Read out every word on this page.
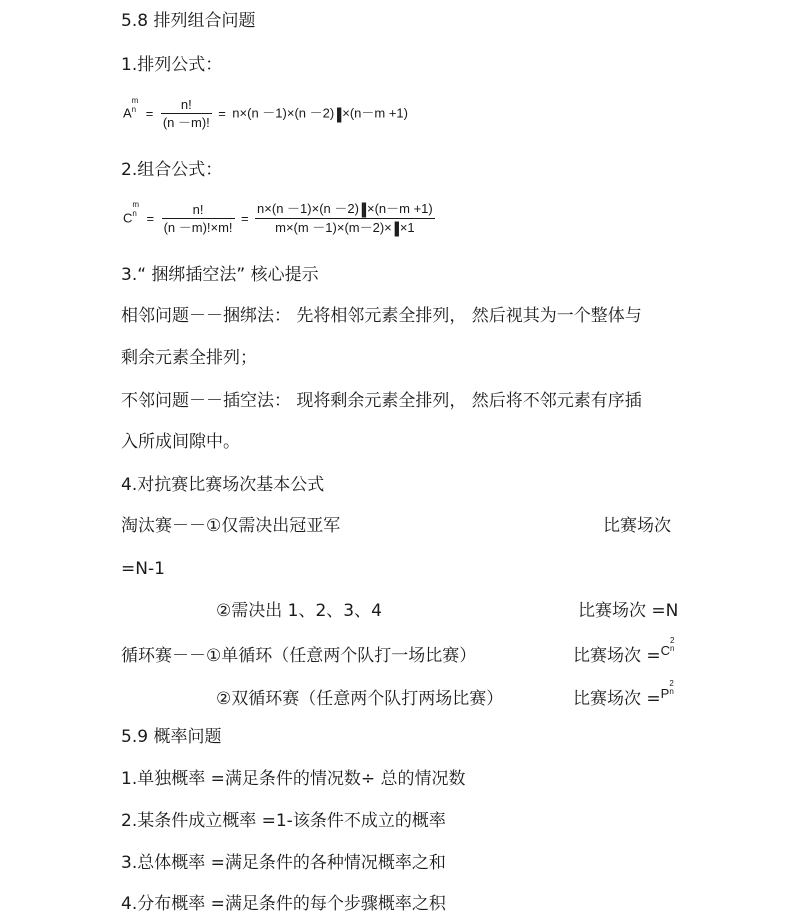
5.8 排列组合问题
1.排列公式：
A
m
$n = \frac{n!}{(n -m)!} = n\times(n -1)\times(n -2)$ ||| ×(n－m +1)
2.组合公式：
C
m
$n = \frac{n!}{(n -m)!\times m!} = \frac{n\times(n -1)\times(n -2) ||| \times(n-m +1)}{m\times(m -1)\times(m-2)\times ||| \times 1}$
3.“ 捆绑插空法” 核心提示
相邻问题－－捆绑法： 先将相邻元素全排列， 然后视其为一个整体与
剩余元素全排列；
不邻问题－－插空法： 现将剩余元素全排列， 然后将不邻元素有序插
入所成间隙中。
4.对抗赛比赛场次基本公式
淘汰赛－－①仅需决出冠亚军	比赛场次
=N-1
②需决出 1、2、3、4	比赛场次 =N
循环赛－－①单循环（任意两个队打一场比赛）	比赛场次 =$^C$
2
n
②双循环赛（任意两个队打两场比赛）	比赛场次 =$^P$
2
n
5.9 概率问题
1.单独概率 =满足条件的情况数÷ 总的情况数
2.某条件成立概率 =1-该条件不成立的概率
3.总体概率 =满足条件的各种情况概率之和
4.分布概率 =满足条件的每个步骤概率之积
